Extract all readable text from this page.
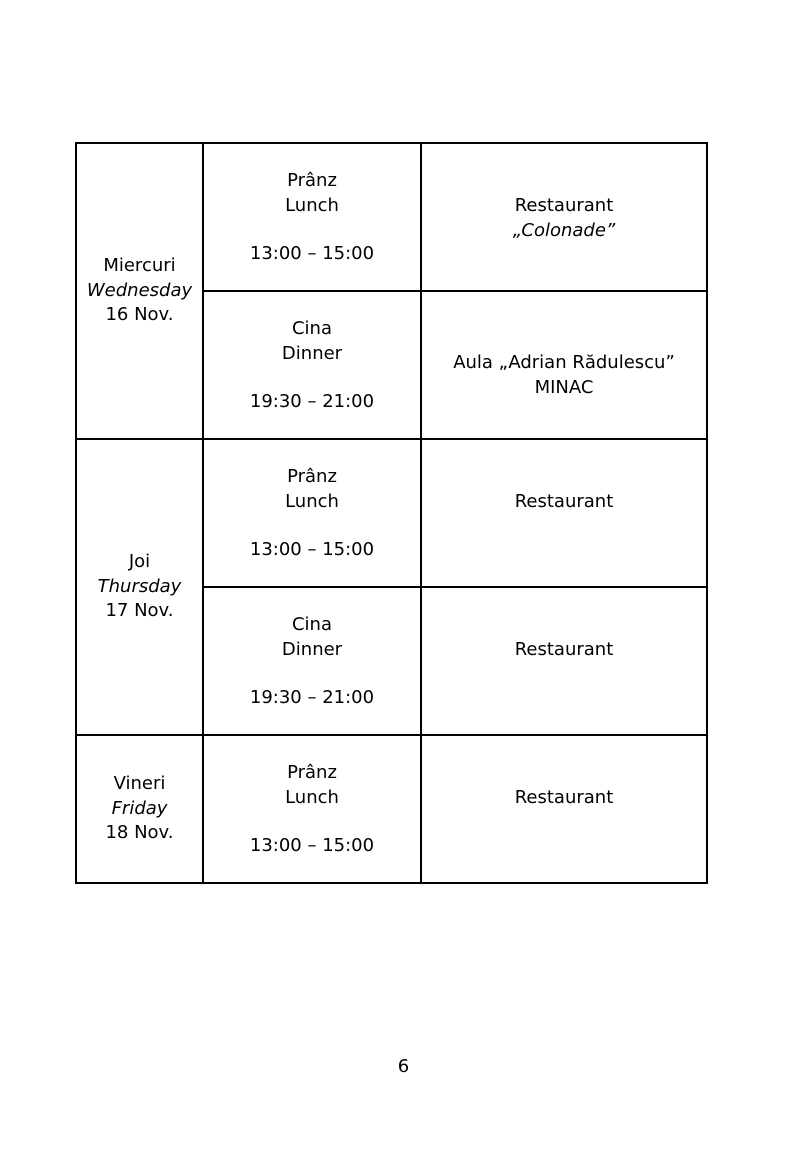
Miercuri
Wednesday
16 Nov.	Prânz
Lunch
13:00 – 15:00	Restaurant
„Colonade”

	Cina
Dinner
19:30 – 21:00	Aula „Adrian Rădulescu”
MINAC

Joi
Thursday
17 Nov.	Prânz
Lunch
13:00 – 15:00	Restaurant

	Cina
Dinner
19:30 – 21:00	Restaurant

Vineri
Friday
18 Nov.	Prânz
Lunch
13:00 – 15:00	Restaurant
6
